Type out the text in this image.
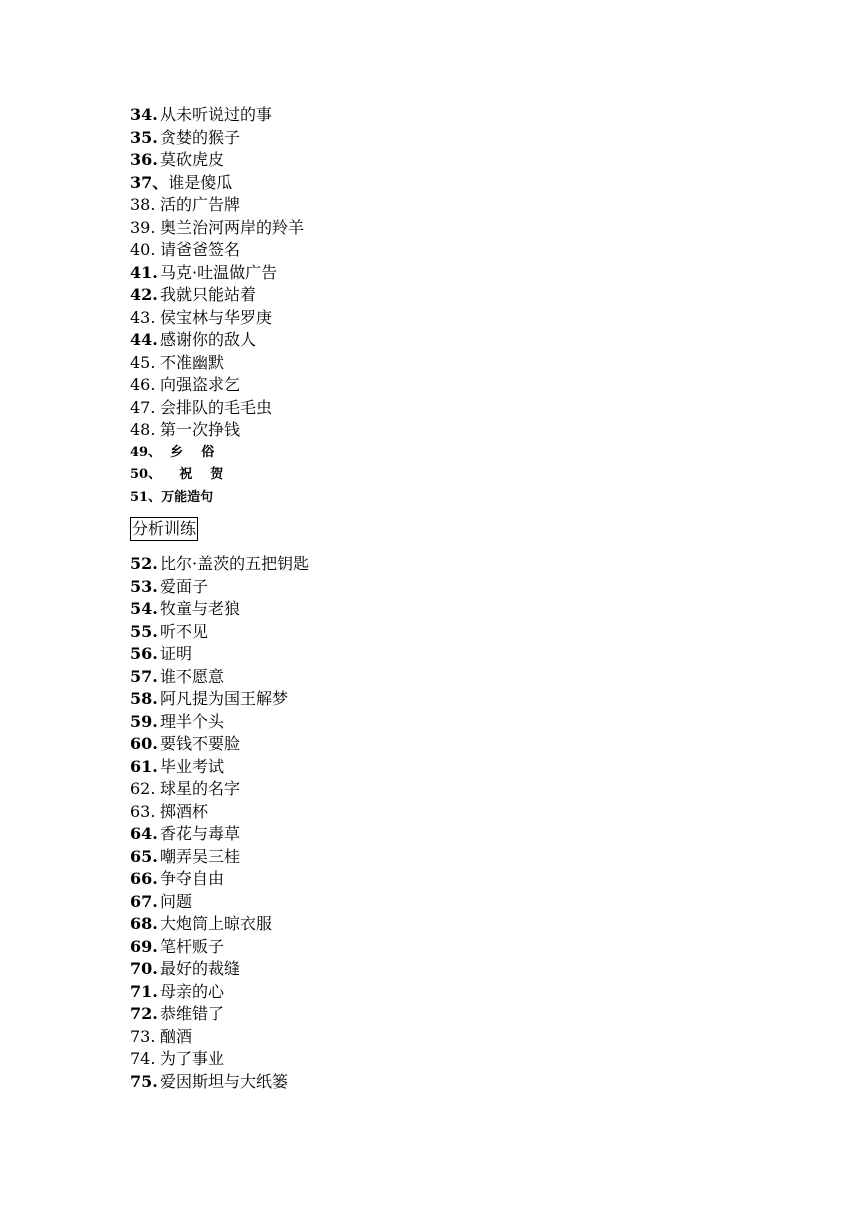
34. 从未听说过的事
35. 贪婪的猴子
36. 莫砍虎皮
37、谁是傻瓜
38. 活的广告牌
39. 奥兰治河两岸的羚羊
40. 请爸爸签名
41. 马克·吐温做广告
42. 我就只能站着
43. 侯宝林与华罗庚
44. 感谢你的敌人
45. 不准幽默
46. 向强盗求乞
47. 会排队的毛毛虫
48. 第一次挣钱
49、  乡    俗
50、    祝    贺
51、万能造句
分析训练
52. 比尔·盖茨的五把钥匙
53. 爱面子
54. 牧童与老狼
55. 听不见
56. 证明
57. 谁不愿意
58. 阿凡提为国王解梦
59. 理半个头
60. 要钱不要脸
61. 毕业考试
62. 球星的名字
63. 掷酒杯
64. 香花与毒草
65. 嘲弄吴三桂
66. 争夺自由
67. 问题
68. 大炮筒上晾衣服
69. 笔杆贩子
70. 最好的裁缝
71. 母亲的心
72. 恭维错了
73. 酗酒
74. 为了事业
75. 爱因斯坦与大纸篓
